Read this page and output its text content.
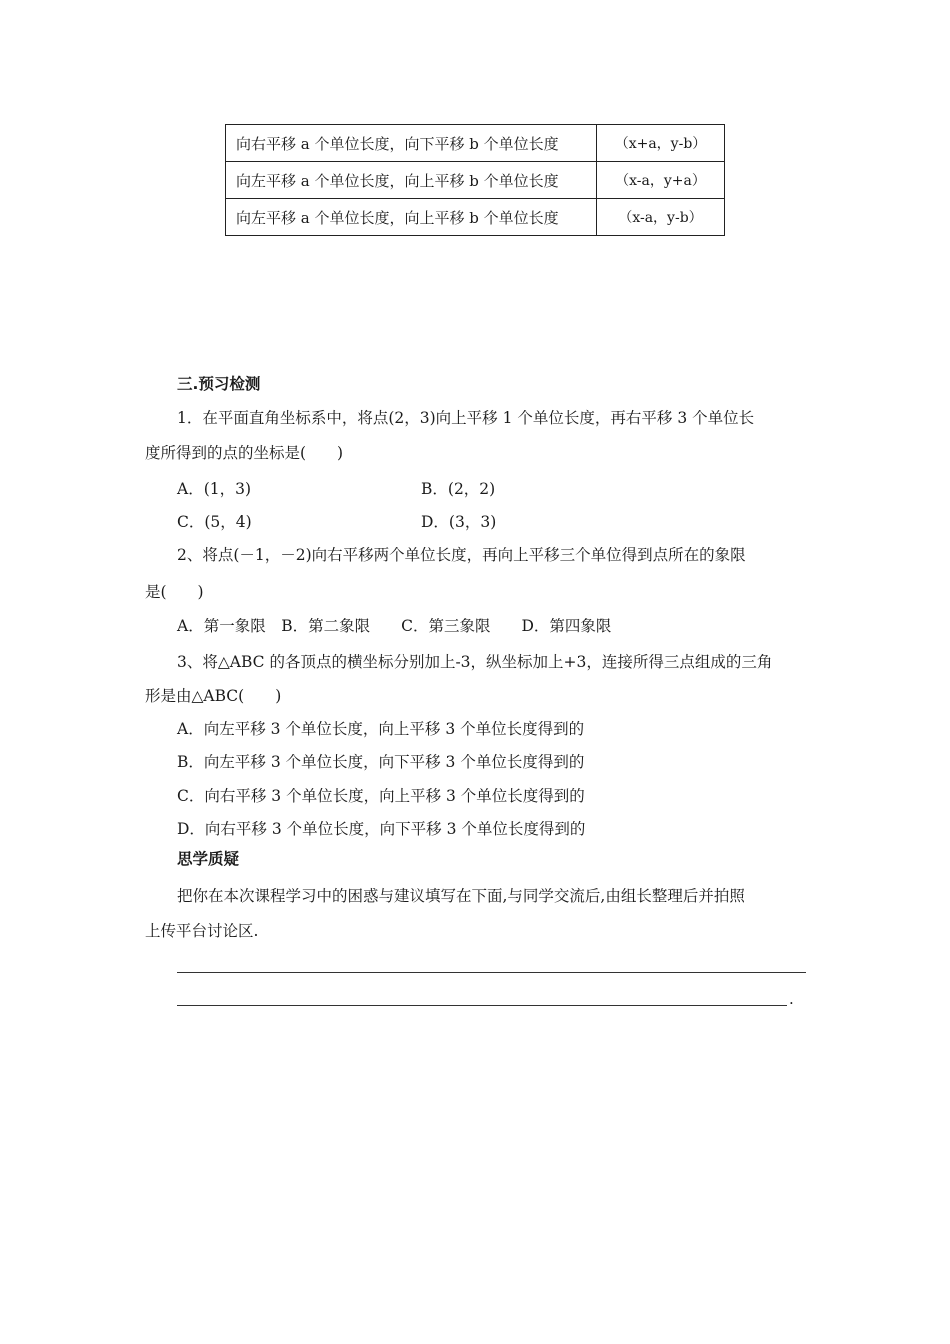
向右平移 a 个单位长度，向下平移 b 个单位长度	（x+a，y-b）
向左平移 a 个单位长度，向上平移 b 个单位长度	（x-a，y+a）
向左平移 a 个单位长度，向上平移 b 个单位长度	（x-a，y-b）
三.预习检测
1．在平面直角坐标系中，将点(2，3)向上平移 1 个单位长度，再右平移 3 个单位长
度所得到的点的坐标是(　　)
A．(1，3)	B．(2，2)
C．(5，4)	D．(3，3)
2、将点(－1，－2)向右平移两个单位长度，再向上平移三个单位得到点所在的象限
是(　　)
A．第一象限　B．第二象限　　C．第三象限　　D．第四象限
3、将△ABC 的各顶点的横坐标分别加上-3，纵坐标加上+3，连接所得三点组成的三角
形是由△ABC(　　)
A．向左平移 3 个单位长度，向上平移 3 个单位长度得到的
B．向左平移 3 个单位长度，向下平移 3 个单位长度得到的
C．向右平移 3 个单位长度，向上平移 3 个单位长度得到的
D．向右平移 3 个单位长度，向下平移 3 个单位长度得到的
思学质疑
把你在本次课程学习中的困惑与建议填写在下面,与同学交流后,由组长整理后并拍照
上传平台讨论区.
.
